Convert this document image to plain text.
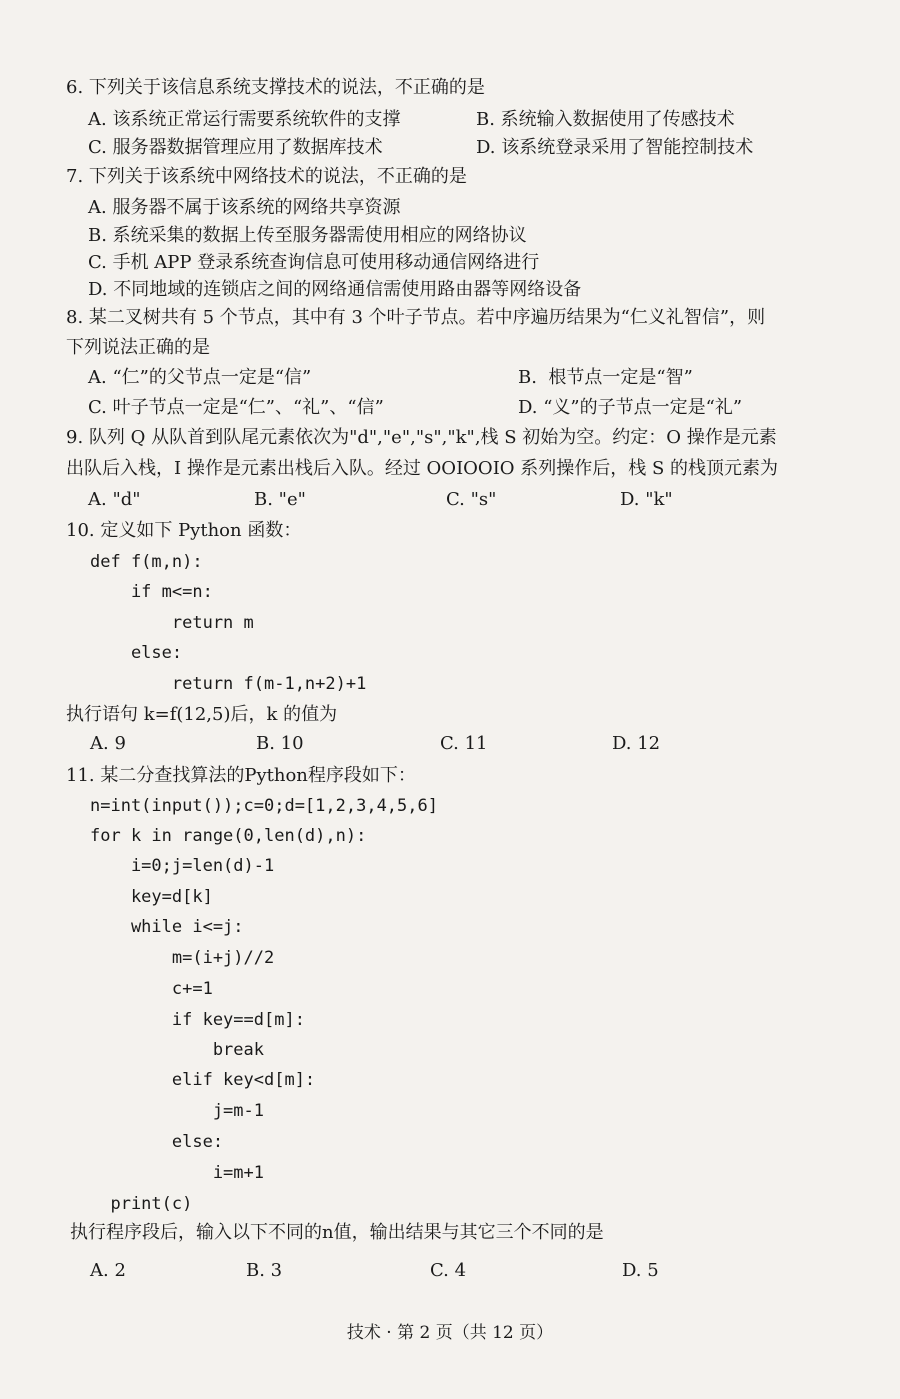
6. 下列关于该信息系统支撑技术的说法，不正确的是
A. 该系统正常运行需要系统软件的支撑	B. 系统输入数据使用了传感技术
C. 服务器数据管理应用了数据库技术	D. 该系统登录采用了智能控制技术
7. 下列关于该系统中网络技术的说法，不正确的是
A. 服务器不属于该系统的网络共享资源
B. 系统采集的数据上传至服务器需使用相应的网络协议
C. 手机 APP 登录系统查询信息可使用移动通信网络进行
D. 不同地域的连锁店之间的网络通信需使用路由器等网络设备
8. 某二叉树共有 5 个节点，其中有 3 个叶子节点。若中序遍历结果为“仁义礼智信”，则
下列说法正确的是
A. “仁”的父节点一定是“信”	B.  根节点一定是“智”
C. 叶子节点一定是“仁”、“礼”、“信”	D. “义”的子节点一定是“礼”
9. 队列 Q 从队首到队尾元素依次为"d","e","s","k",栈 S 初始为空。约定：O 操作是元素
出队后入栈，I 操作是元素出栈后入队。经过 OOIOOIO 系列操作后，栈 S 的栈顶元素为
A. "d"	B. "e"	C. "s"	D. "k"
10. 定义如下 Python 函数：
def f(m,n):
if m<=n:
return m
else:
return f(m-1,n+2)+1
执行语句 k=f(12,5)后，k 的值为
A. 9	B. 10	C. 11	D. 12
11. 某二分查找算法的Python程序段如下：
n=int(input());c=0;d=[1,2,3,4,5,6]
for k in range(0,len(d),n):
i=0;j=len(d)-1
key=d[k]
while i<=j:
m=(i+j)//2
c+=1
if key==d[m]:
break
elif key<d[m]:
j=m-1
else:
i=m+1
print(c)
执行程序段后，输入以下不同的n值，输出结果与其它三个不同的是
A. 2	B. 3	C. 4	D. 5
技术 · 第 2 页（共 12 页）
